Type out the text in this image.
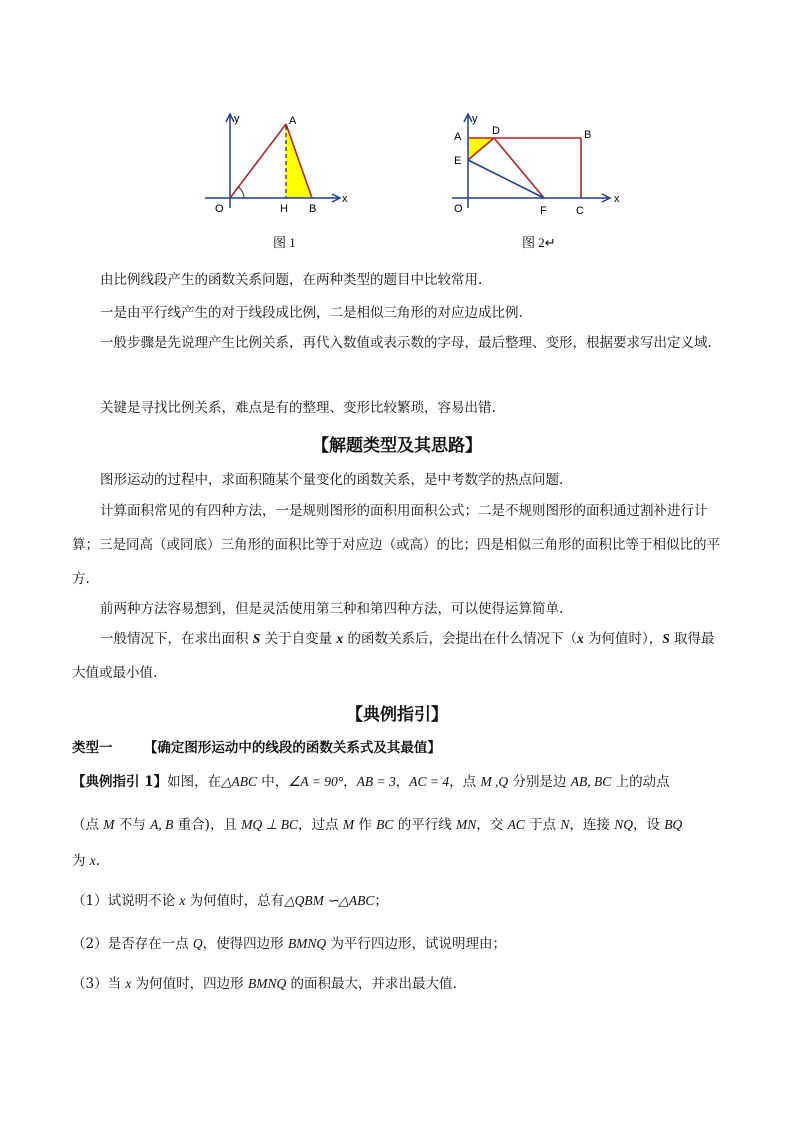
y
x
A
O	H B
图 1
y
x
A	D	B
E
O	F	C
图 2↵

由比例线段产生的函数关系问题，在两种类型的题目中比较常用.

一是由平行线产生的对于线段成比例，二是相似三角形的对应边成比例.

一般步骤是先说理产生比例关系，再代入数值或表示数的字母，最后整理、变形，根据要求写出定义域.

关键是寻找比例关系，难点是有的整理、变形比较繁琐，容易出错.

【解题类型及其思路】

图形运动的过程中，求面积随某个量变化的函数关系，是中考数学的热点问题.

计算面积常见的有四种方法，一是规则图形的面积用面积公式；二是不规则图形的面积通过割补进行计算；三是同高（或同底）三角形的面积比等于对应边（或高）的比；四是相似三角形的面积比等于相似比的平方.

前两种方法容易想到，但是灵活使用第三种和第四种方法，可以使得运算简单.

一般情况下，在求出面积 S 关于自变量 x 的函数关系后，会提出在什么情况下（x 为何值时），S 取得最大值或最小值.

【典例指引】

类型一 【确定图形运动中的线段的函数关系式及其最值】

【典例指引 1】如图，在△ABC 中，∠A = 90°，AB = 3，AC = 4，点 M ,Q 分别是边 AB, BC 上的动点

（点 M 不与 A, B 重合)，且 MQ ⊥ BC，过点 M 作 BC 的平行线 MN，交 AC 于点 N，连接 NQ，设 BQ

为 x.

（1）试说明不论 x 为何值时，总有△QBM ∽△ABC；

（2）是否存在一点 Q，使得四边形 BMNQ 为平行四边形，试说明理由；

（3）当 x 为何值时，四边形 BMNQ 的面积最大，并求出最大值.
